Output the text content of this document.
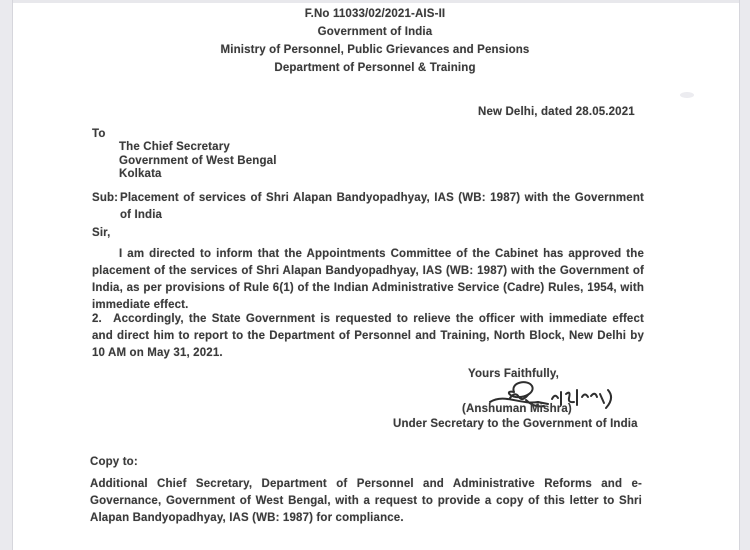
F.No 11033/02/2021-AIS-II
Government of India
Ministry of Personnel, Public Grievances and Pensions
Department of Personnel & Training
New Delhi, dated 28.05.2021
To
The Chief Secretary
Government of West Bengal
Kolkata
Sub: Placement of services of Shri Alapan Bandyopadhyay, IAS (WB: 1987) with the Government of India
Sir,
I am directed to inform that the Appointments Committee of the Cabinet has approved the placement of the services of Shri Alapan Bandyopadhyay, IAS (WB: 1987) with the Government of India, as per provisions of Rule 6(1) of the Indian Administrative Service (Cadre) Rules, 1954, with immediate effect.
2. Accordingly, the State Government is requested to relieve the officer with immediate effect and direct him to report to the Department of Personnel and Training, North Block, New Delhi by 10 AM on May 31, 2021.
Yours Faithfully,
(Anshuman Mishra)
Under Secretary to the Government of India
Copy to:
Additional Chief Secretary, Department of Personnel and Administrative Reforms and e-Governance, Government of West Bengal, with a request to provide a copy of this letter to Shri Alapan Bandyopadhyay, IAS (WB: 1987) for compliance.
